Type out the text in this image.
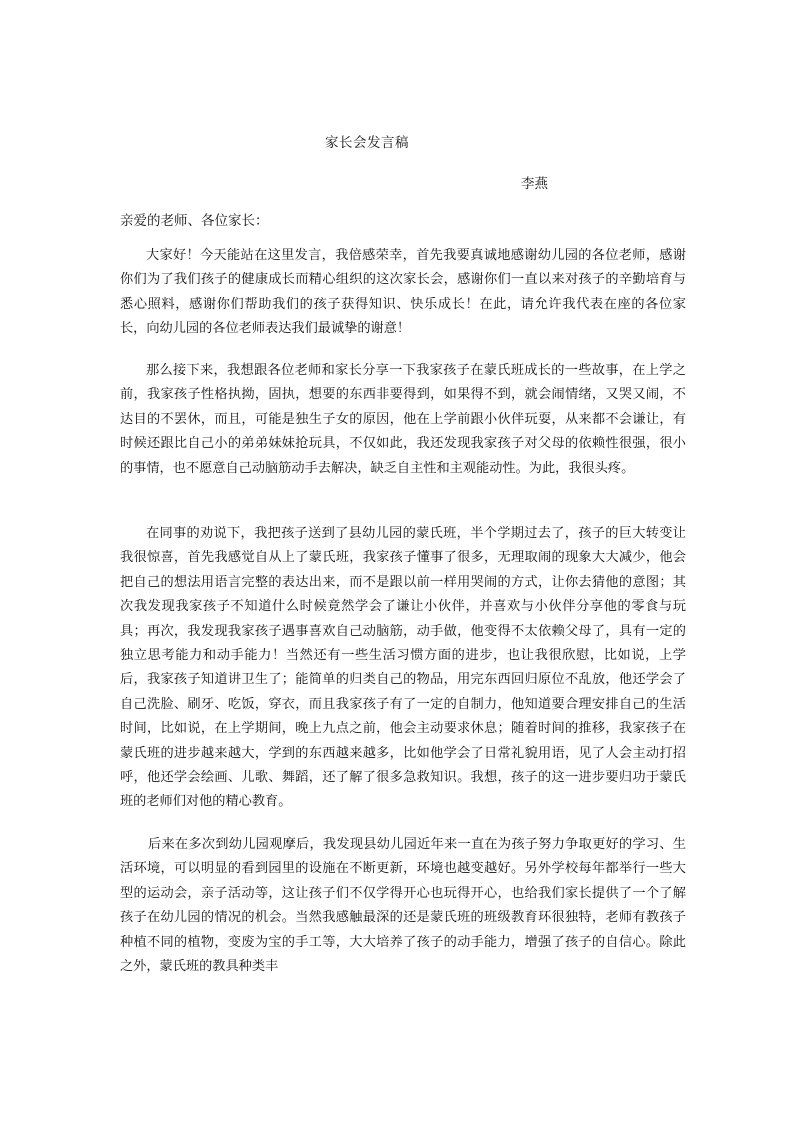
家长会发言稿
李燕
亲爱的老师、各位家长：
大家好！今天能站在这里发言，我倍感荣幸，首先我要真诚地感谢幼儿园的各位老师，感谢你们为了我们孩子的健康成长而精心组织的这次家长会，感谢你们一直以来对孩子的辛勤培育与悉心照料，感谢你们帮助我们的孩子获得知识、快乐成长！在此，请允许我代表在座的各位家长，向幼儿园的各位老师表达我们最诚挚的谢意！
那么接下来，我想跟各位老师和家长分享一下我家孩子在蒙氏班成长的一些故事，在上学之前，我家孩子性格执拗，固执，想要的东西非要得到，如果得不到，就会闹情绪，又哭又闹，不达目的不罢休，而且，可能是独生子女的原因，他在上学前跟小伙伴玩耍，从来都不会谦让，有时候还跟比自己小的弟弟妹妹抢玩具，不仅如此，我还发现我家孩子对父母的依赖性很强，很小的事情，也不愿意自己动脑筋动手去解决，缺乏自主性和主观能动性。为此，我很头疼。
在同事的劝说下，我把孩子送到了县幼儿园的蒙氏班，半个学期过去了，孩子的巨大转变让我很惊喜，首先我感觉自从上了蒙氏班，我家孩子懂事了很多，无理取闹的现象大大减少，他会把自己的想法用语言完整的表达出来，而不是跟以前一样用哭闹的方式，让你去猜他的意图；其次我发现我家孩子不知道什么时候竟然学会了谦让小伙伴，并喜欢与小伙伴分享他的零食与玩具；再次，我发现我家孩子遇事喜欢自己动脑筋，动手做，他变得不太依赖父母了，具有一定的独立思考能力和动手能力！当然还有一些生活习惯方面的进步，也让我很欣慰，比如说，上学后，我家孩子知道讲卫生了；能简单的归类自己的物品，用完东西回归原位不乱放，他还学会了自己洗脸、刷牙、吃饭，穿衣，而且我家孩子有了一定的自制力，他知道要合理安排自己的生活时间，比如说，在上学期间，晚上九点之前，他会主动要求休息；随着时间的推移，我家孩子在蒙氏班的进步越来越大，学到的东西越来越多，比如他学会了日常礼貌用语，见了人会主动打招呼，他还学会绘画、儿歌、舞蹈，还了解了很多急救知识。我想，孩子的这一进步要归功于蒙氏班的老师们对他的精心教育。
后来在多次到幼儿园观摩后，我发现县幼儿园近年来一直在为孩子努力争取更好的学习、生活环境，可以明显的看到园里的设施在不断更新，环境也越变越好。另外学校每年都举行一些大型的运动会，亲子活动等，这让孩子们不仅学得开心也玩得开心，也给我们家长提供了一个了解孩子在幼儿园的情况的机会。当然我感触最深的还是蒙氏班的班级教育环很独特，老师有教孩子种植不同的植物，变废为宝的手工等，大大培养了孩子的动手能力，增强了孩子的自信心。除此之外，蒙氏班的教具种类丰
